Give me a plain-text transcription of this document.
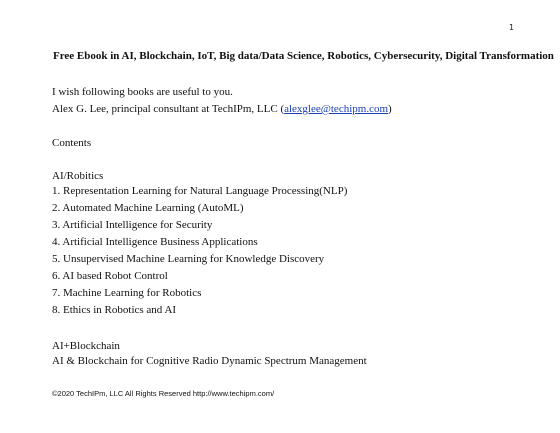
1
Free Ebook in AI, Blockchain, IoT, Big data/Data Science, Robotics, Cybersecurity, Digital Transformation
I wish following books are useful to you.
Alex G. Lee, principal consultant at TechIPm, LLC (alexglee@techipm.com)
Contents
AI/Robitics
1. Representation Learning for Natural Language Processing(NLP)
2. Automated Machine Learning (AutoML)
3. Artificial Intelligence for Security
4. Artificial Intelligence Business Applications
5. Unsupervised Machine Learning for Knowledge Discovery
6. AI based Robot Control
7. Machine Learning for Robotics
8. Ethics in Robotics and AI
AI+Blockchain
AI & Blockchain for Cognitive Radio Dynamic Spectrum Management
©2020 TechIPm, LLC All Rights Reserved http://www.techipm.com/
